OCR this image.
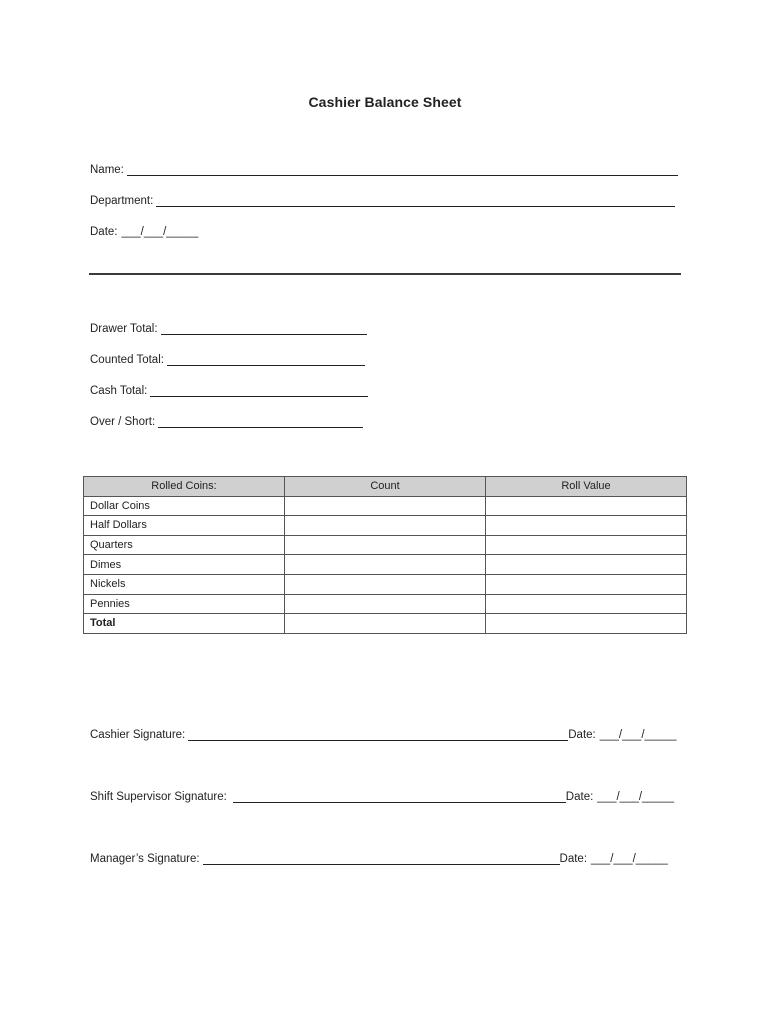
Cashier Balance Sheet
Name:
Department:
Date: ___/___/_____
Drawer Total:
Counted Total:
Cash Total:
Over / Short:
Rolled Coins:	Count	Roll Value
Dollar Coins		
Half Dollars		
Quarters		
Dimes		
Nickels		
Pennies		
Total		
Cashier Signature:	Date: ___/___/_____
Shift Supervisor Signature:	Date: ___/___/_____
Manager’s Signature:	Date: ___/___/_____
